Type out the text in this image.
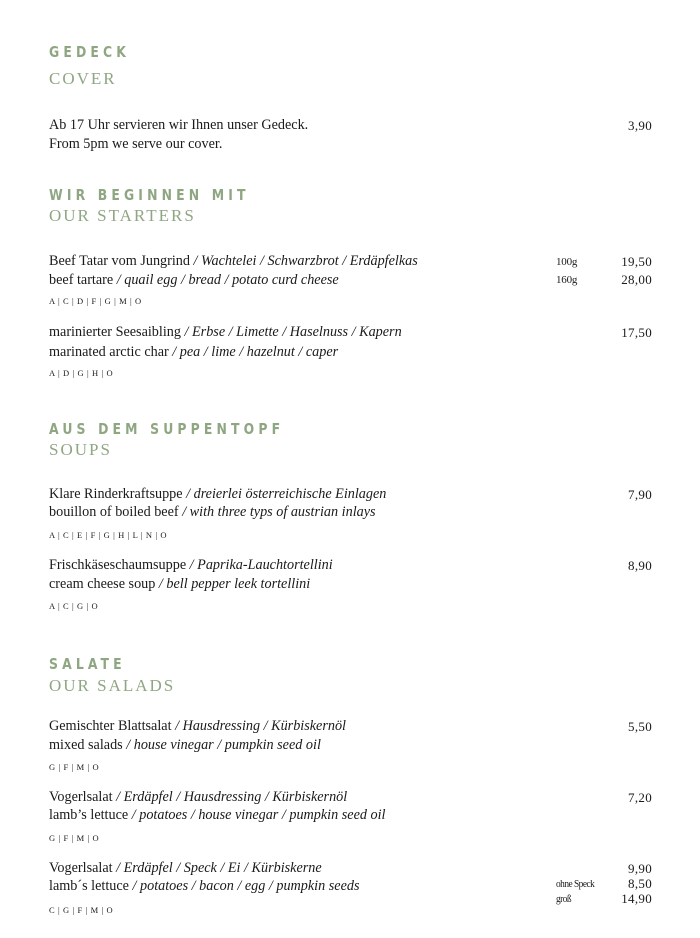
GEDECK
COVER
Ab 17 Uhr servieren wir Ihnen unser Gedeck.
From 5pm we serve our cover.
3,90
WIR BEGINNEN MIT
OUR STARTERS
Beef Tatar vom Jungrind / Wachtelei / Schwarzbrot / Erdäpfelkas
beef tartare / quail egg / bread / potato curd cheese
A | C | D | F | G | M | O
100g	19,50
160g	28,00
marinierter Seesaibling / Erbse / Limette / Haselnuss / Kapern
marinated arctic char / pea / lime / hazelnut / caper
A | D | G | H | O
17,50
AUS DEM SUPPENTOPF
SOUPS
Klare Rinderkraftsuppe / dreierlei österreichische Einlagen
bouillon of boiled beef / with three typs of austrian inlays
A | C | E | F | G | H | L | N | O
7,90
Frischkäseschaumsuppe / Paprika-Lauchtortellini
cream cheese soup / bell pepper leek tortellini
A | C | G | O
8,90
SALATE
OUR SALADS
Gemischter Blattsalat / Hausdressing / Kürbiskernöl
mixed salads / house vinegar / pumpkin seed oil
G | F | M | O
5,50
Vogerlsalat / Erdäpfel / Hausdressing / Kürbiskernöl
lamb’s lettuce / potatoes / house vinegar / pumpkin seed oil
G | F | M | O
7,20
Vogerlsalat / Erdäpfel / Speck / Ei / Kürbiskerne
lamb´s lettuce / potatoes / bacon / egg / pumpkin seeds
C | G | F | M | O
9,90
ohne Speck	8,50
groß	14,90
